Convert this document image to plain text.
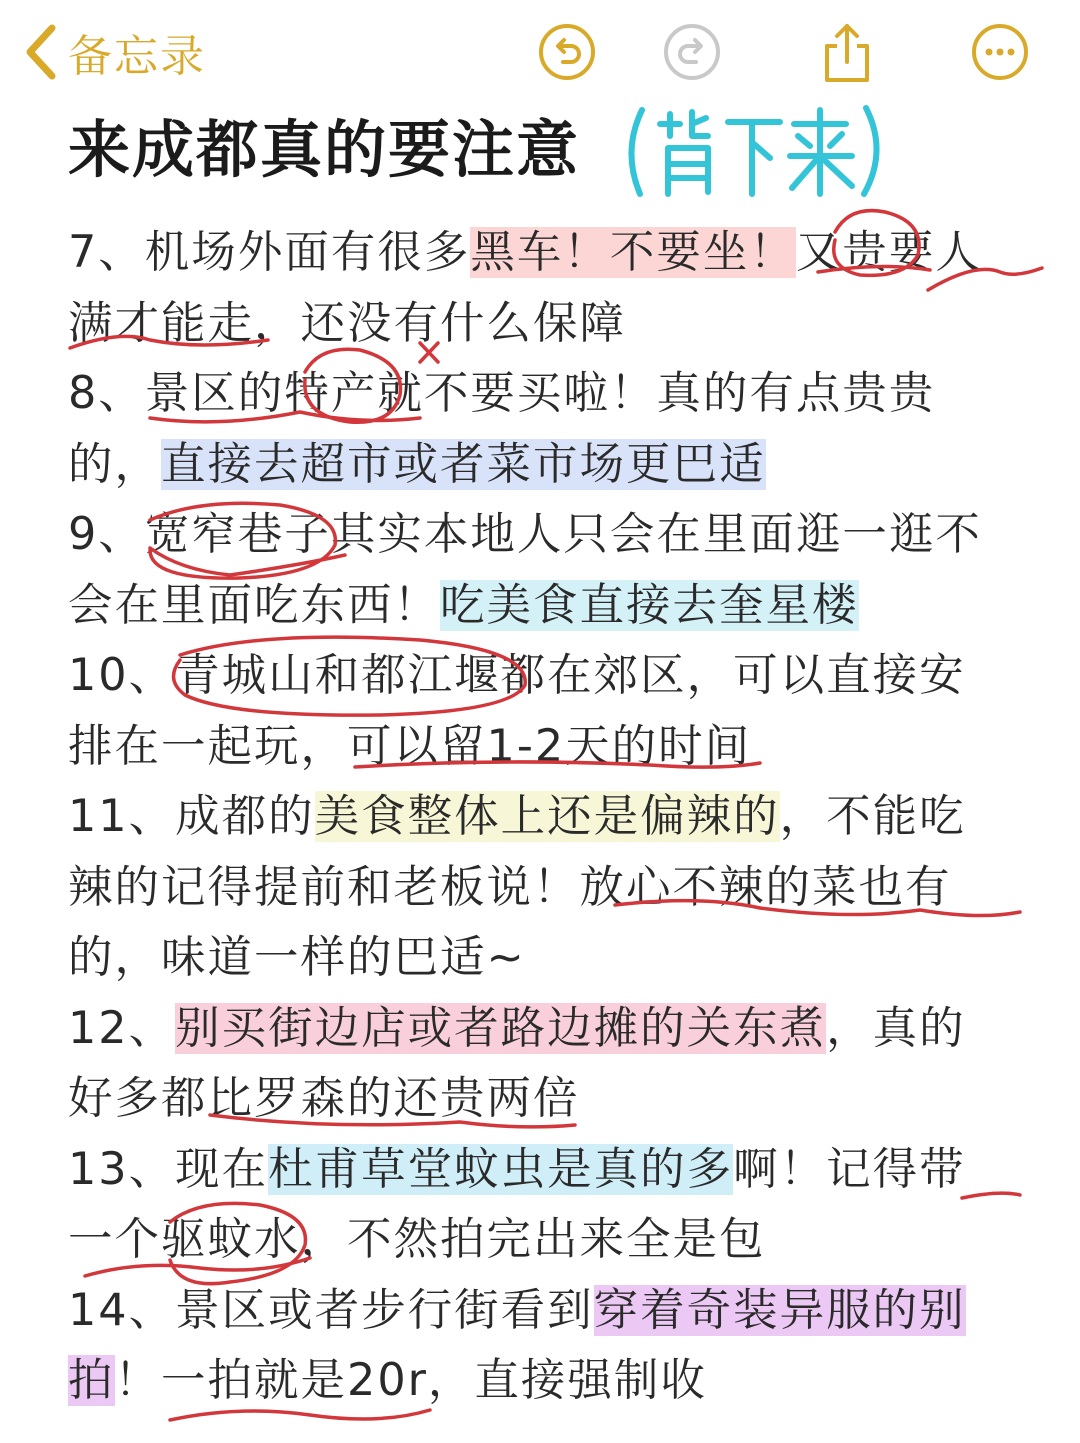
备忘录
来成都真的要注意
7、机场外面有很多黑车！不要坐！又贵要人
满才能走，还没有什么保障
8、景区的特产就不要买啦！真的有点贵贵
的，直接去超市或者菜市场更巴适
9、宽窄巷子其实本地人只会在里面逛一逛不
会在里面吃东西！吃美食直接去奎星楼
10、青城山和都江堰都在郊区，可以直接安
排在一起玩，可以留1-2天的时间
11、成都的美食整体上还是偏辣的，不能吃
辣的记得提前和老板说！放心不辣的菜也有
的，味道一样的巴适~
12、别买街边店或者路边摊的关东煮，真的
好多都比罗森的还贵两倍
13、现在杜甫草堂蚊虫是真的多啊！记得带
一个驱蚊水，不然拍完出来全是包
14、景区或者步行街看到穿着奇装异服的别
拍！一拍就是20r，直接强制收
